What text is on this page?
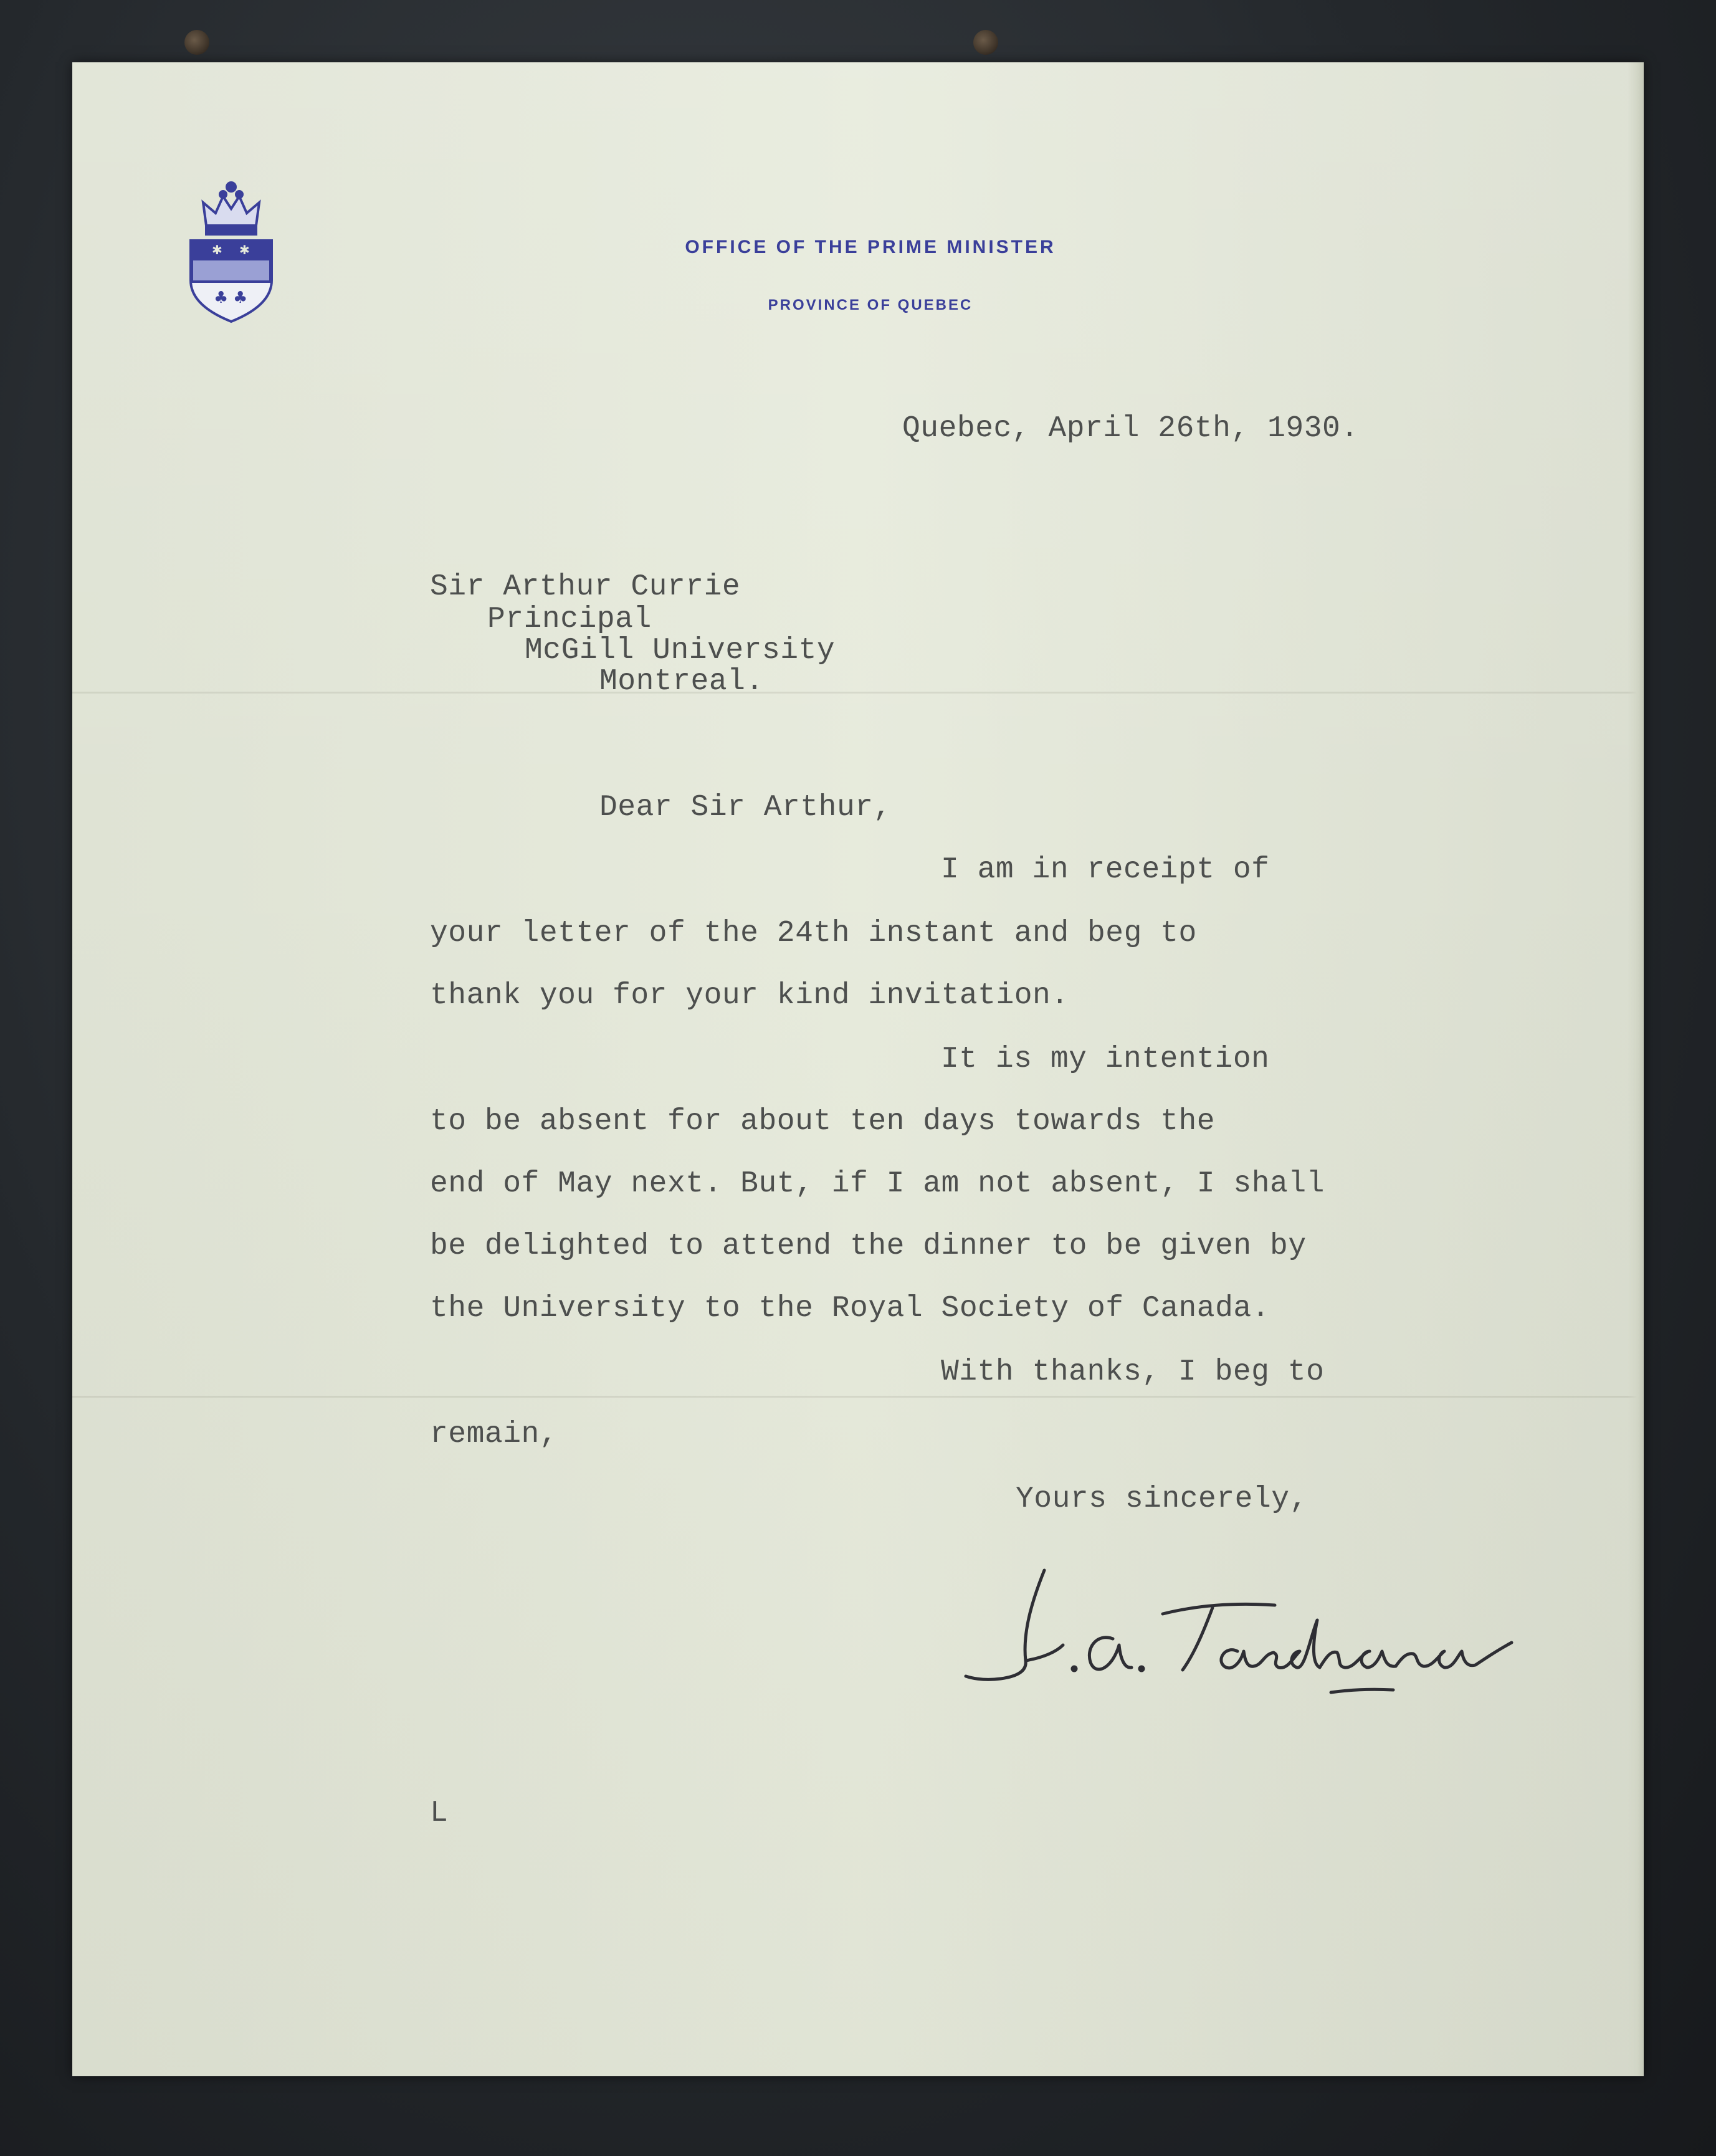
✱ ✱
♣ ♣
OFFICE OF THE PRIME MINISTER
PROVINCE OF QUEBEC
Quebec, April 26th, 1930.
Sir Arthur Currie
Principal
McGill University
Montreal.
Dear Sir Arthur,
I am in receipt of
your letter of the 24th instant and beg to
thank you for your kind invitation.
It is my intention
to be absent for about ten days towards the
end of May next. But, if I am not absent, I shall
be delighted to attend the dinner to be given by
the University to the Royal Society of Canada.
With thanks, I beg to
remain,
Yours sincerely,
L
